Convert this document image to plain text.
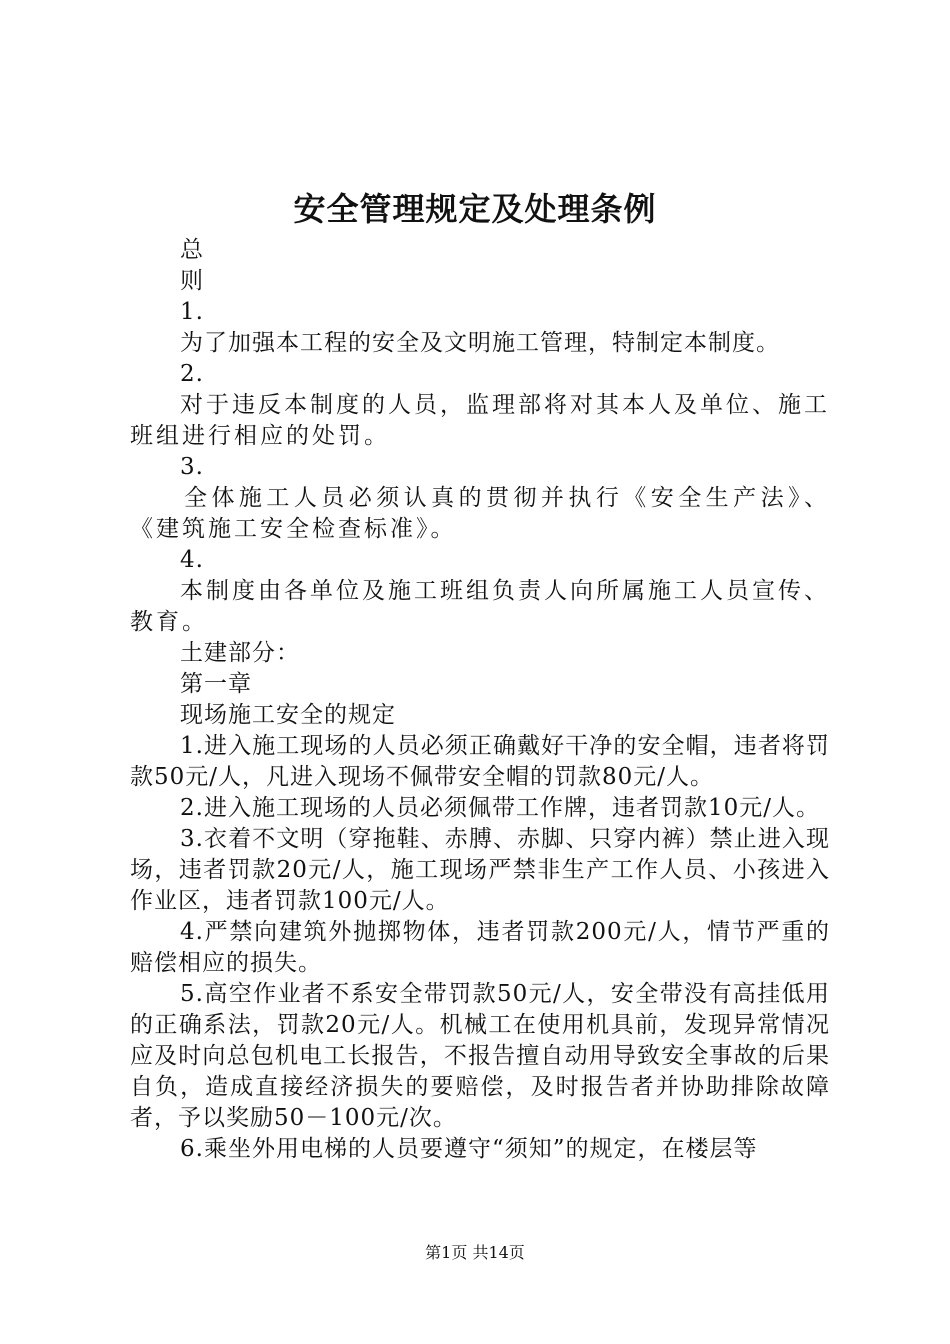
安全管理规定及处理条例

总

则

1.

为了加强本工程的安全及文明施工管理，特制定本制度。

2.

对于违反本制度的人员，监理部将对其本人及单位、施工班组进行相应的处罚。

3.

全体施工人员必须认真的贯彻并执行《安全生产法》、《建筑施工安全检查标准》。

4.

本制度由各单位及施工班组负责人向所属施工人员宣传、教育。

土建部分：

第一章

现场施工安全的规定

1.进入施工现场的人员必须正确戴好干净的安全帽，违者将罚款50元/人，凡进入现场不佩带安全帽的罚款80元/人。

2.进入施工现场的人员必须佩带工作牌，违者罚款10元/人。

3.衣着不文明（穿拖鞋、赤膊、赤脚、只穿内裤）禁止进入现场，违者罚款20元/人，施工现场严禁非生产工作人员、小孩进入作业区，违者罚款100元/人。

4.严禁向建筑外抛掷物体，违者罚款200元/人，情节严重的赔偿相应的损失。

5.高空作业者不系安全带罚款50元/人，安全带没有高挂低用的正确系法，罚款20元/人。机械工在使用机具前，发现异常情况应及时向总包机电工长报告，不报告擅自动用导致安全事故的后果自负，造成直接经济损失的要赔偿，及时报告者并协助排除故障者，予以奖励50－100元/次。

6.乘坐外用电梯的人员要遵守“须知”的规定，在楼层等

第1页 共14页
